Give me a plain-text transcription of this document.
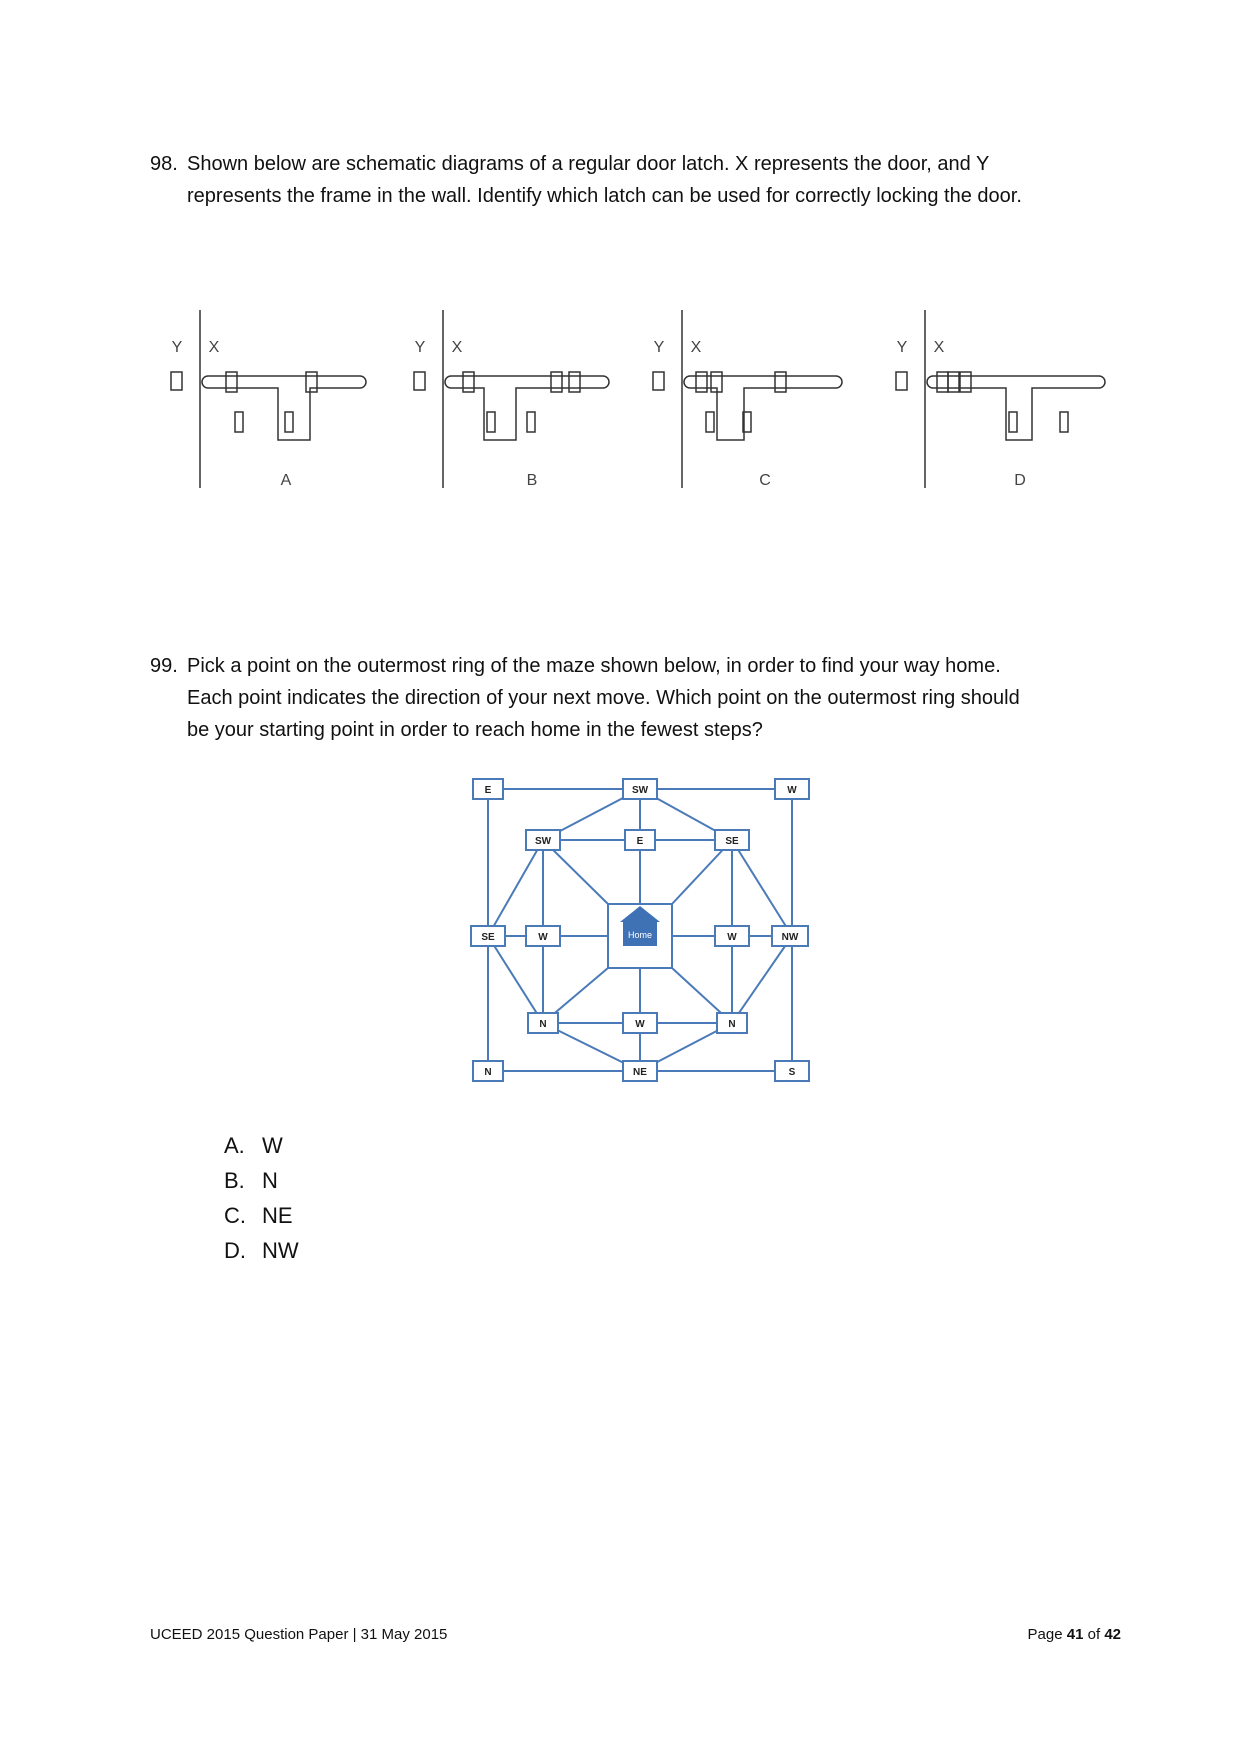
98. Shown below are schematic diagrams of a regular door latch. X represents the door, and Y
represents the frame in the wall. Identify which latch can be used for correctly locking the door.
Y X	Y X	Y X	Y X
A	B	C	D
99. Pick a point on the outermost ring of the maze shown below, in order to find your way home.
Each point indicates the direction of your next move. Which point on the outermost ring should
be your starting point in order to reach home in the fewest steps?
Home
E	SW	W
SE	NW
N	NE	S
SW	E	SE
W	W
N	W	N
A. W
B. N
C. NE
D. NW
UCEED 2015 Question Paper | 31 May 2015	Page 41 of 42
